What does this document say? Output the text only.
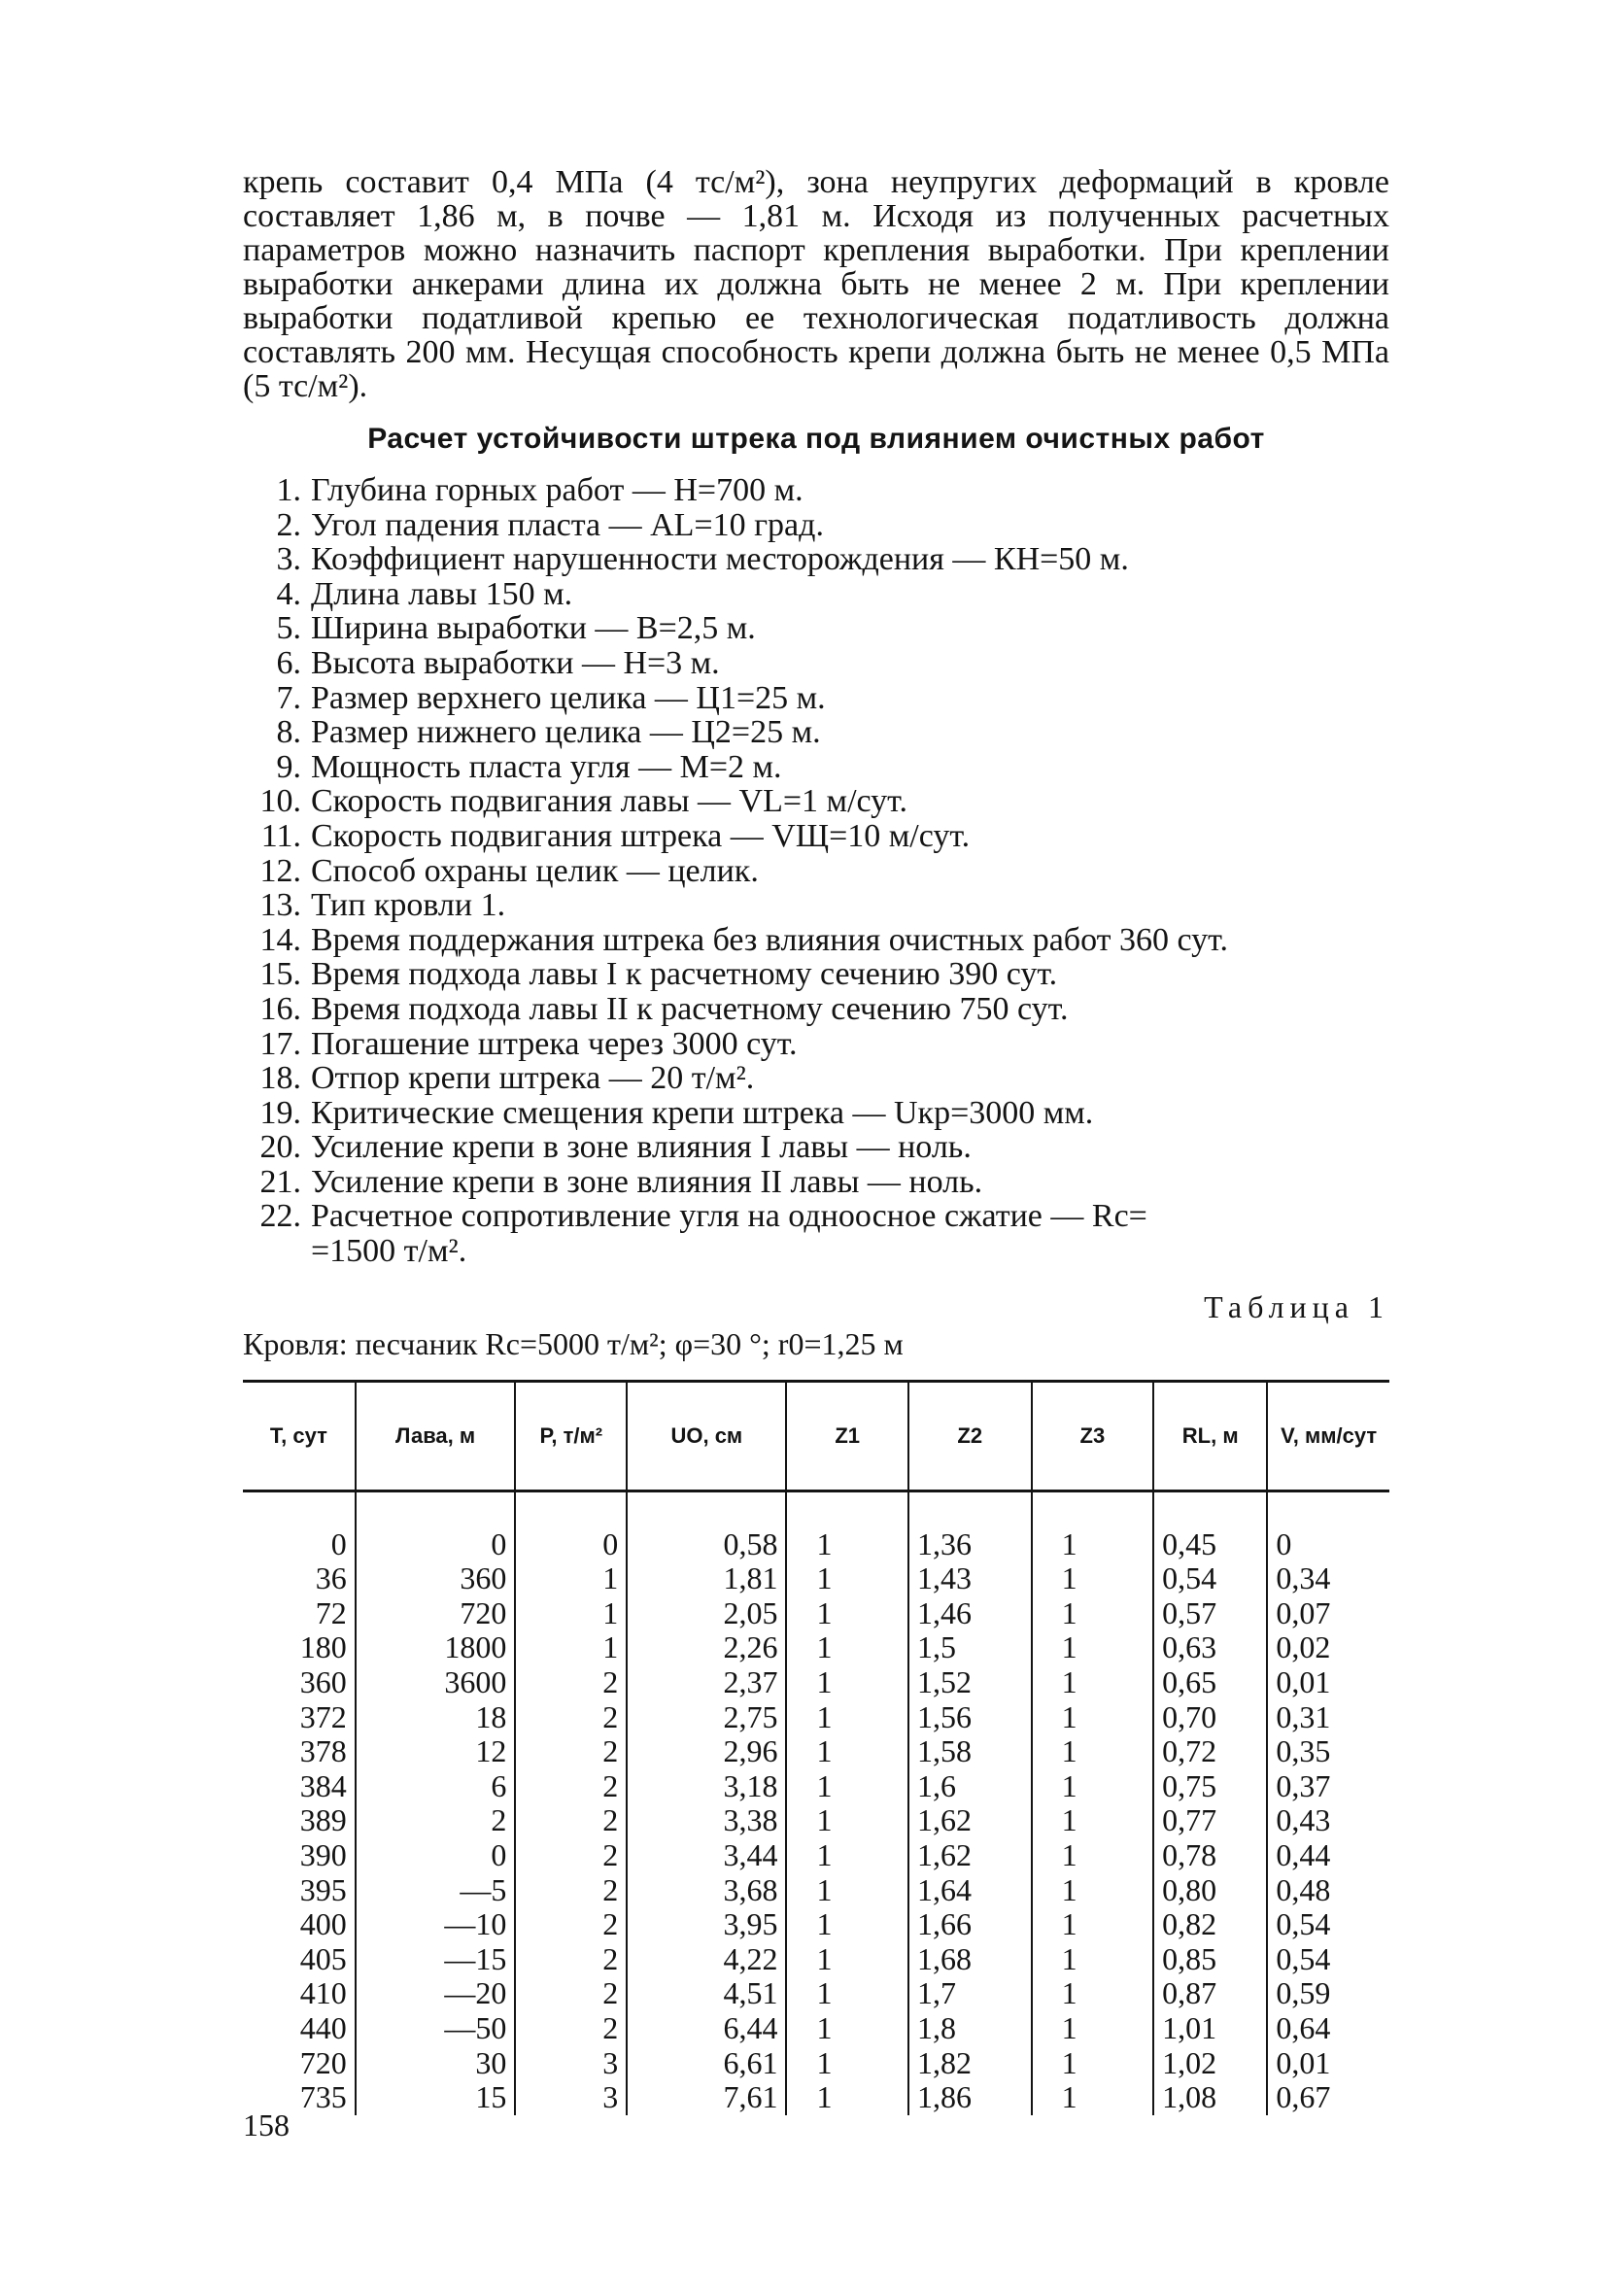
крепь составит 0,4 МПа (4 тс/м²), зона неупругих деформаций в кровле составляет 1,86 м, в почве — 1,81 м. Исходя из полученных расчетных параметров можно назначить паспорт крепления выработки. При креплении выработки анкерами длина их должна быть не менее 2 м. При креплении выработки податливой крепью ее технологическая податливость должна составлять 200 мм. Несущая способность крепи должна быть не менее 0,5 МПа (5 тс/м²).

Расчет устойчивости штрека под влиянием очистных работ
1. Глубина горных работ — H=700 м.
2. Угол падения пласта — AL=10 град.
3. Коэффициент нарушенности месторождения — КН=50 м.
4. Длина лавы 150 м.
5. Ширина выработки — B=2,5 м.
6. Высота выработки — H=3 м.
7. Размер верхнего целика — Ц1=25 м.
8. Размер нижнего целика — Ц2=25 м.
9. Мощность пласта угля — M=2 м.
10. Скорость подвигания лавы — VL=1 м/сут.
11. Скорость подвигания штрека — VЩ=10 м/сут.
12. Способ охраны целик — целик.
13. Тип кровли 1.
14. Время поддержания штрека без влияния очистных работ 360 сут.
15. Время подхода лавы I к расчетному сечению 390 сут.
16. Время подхода лавы II к расчетному сечению 750 сут.
17. Погашение штрека через 3000 сут.
18. Отпор крепи штрека — 20 т/м².
19. Критические смещения крепи штрека — Uкр=3000 мм.
20. Усиление крепи в зоне влияния I лавы — ноль.
21. Усиление крепи в зоне влияния II лавы — ноль.
22. Расчетное сопротивление угля на одноосное сжатие — Rc=
=1500 т/м².
Таблица 1
Кровля: песчаник Rc=5000 т/м²; φ=30 °; r0=1,25 м
Т, сут	Лава, м	P, т/м²	UO, см	Z1	Z2	Z3	RL, м	V, мм/сут
0	0	0	0,58	1	1,36	1	0,45	0
36	360	1	1,81	1	1,43	1	0,54	0,34
72	720	1	2,05	1	1,46	1	0,57	0,07
180	1800	1	2,26	1	1,5	1	0,63	0,02
360	3600	2	2,37	1	1,52	1	0,65	0,01
372	18	2	2,75	1	1,56	1	0,70	0,31
378	12	2	2,96	1	1,58	1	0,72	0,35
384	6	2	3,18	1	1,6	1	0,75	0,37
389	2	2	3,38	1	1,62	1	0,77	0,43
390	0	2	3,44	1	1,62	1	0,78	0,44
395	—5	2	3,68	1	1,64	1	0,80	0,48
400	—10	2	3,95	1	1,66	1	0,82	0,54
405	—15	2	4,22	1	1,68	1	0,85	0,54
410	—20	2	4,51	1	1,7	1	0,87	0,59
440	—50	2	6,44	1	1,8	1	1,01	0,64
720	30	3	6,61	1	1,82	1	1,02	0,01
735	15	3	7,61	1	1,86	1	1,08	0,67
158
